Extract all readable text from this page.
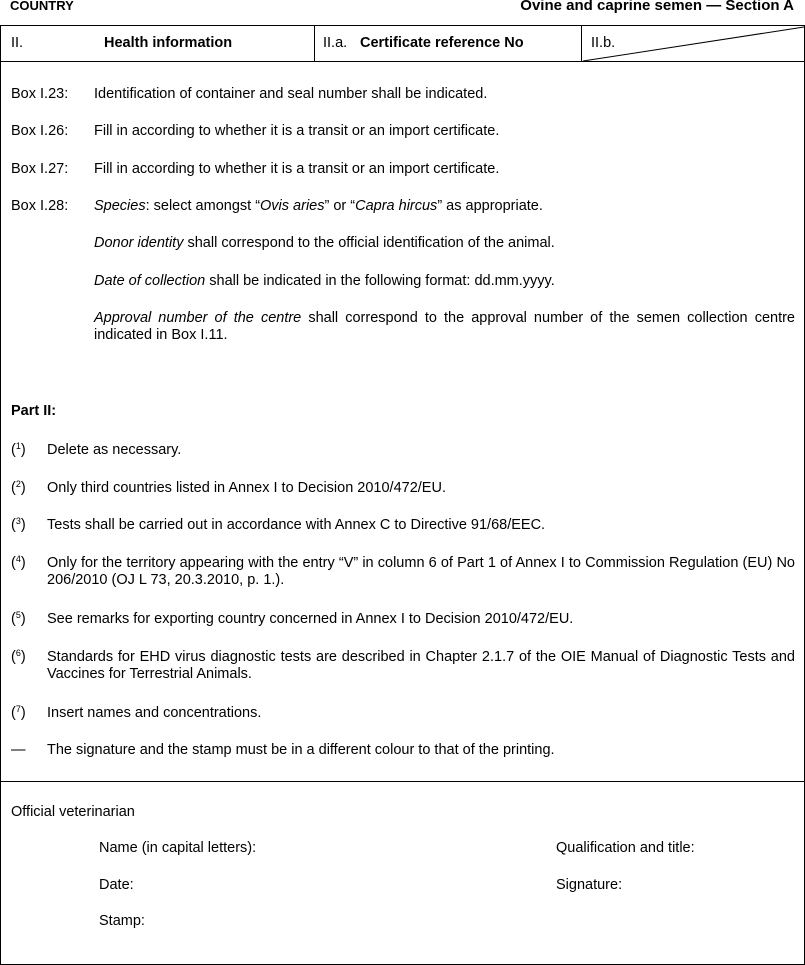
COUNTRY	Ovine and caprine semen — Section A
II.	Health information	II.a. Certificate reference No	II.b.
Box I.23: Identification of container and seal number shall be indicated.
Box I.26: Fill in according to whether it is a transit or an import certificate.
Box I.27: Fill in according to whether it is a transit or an import certificate.
Box I.28: Species: select amongst “Ovis aries” or “Capra hircus” as appropriate.
Donor identity shall correspond to the official identification of the animal.
Date of collection shall be indicated in the following format: dd.mm.yyyy.
Approval number of the centre shall correspond to the approval number of the semen collection centre indicated in Box I.11.
Part II:
($^1$) Delete as necessary.
($^2$) Only third countries listed in Annex I to Decision 2010/472/EU.
($^3$) Tests shall be carried out in accordance with Annex C to Directive 91/68/EEC.
($^4$) Only for the territory appearing with the entry “V” in column 6 of Part 1 of Annex I to Commission Regulation (EU) No 206/2010 (OJ L 73, 20.3.2010, p. 1.).
($^5$) See remarks for exporting country concerned in Annex I to Decision 2010/472/EU.
($^6$) Standards for EHD virus diagnostic tests are described in Chapter 2.1.7 of the OIE Manual of Diagnostic Tests and Vaccines for Terrestrial Animals.
($^7$) Insert names and concentrations.
— The signature and the stamp must be in a different colour to that of the printing.
Official veterinarian
Name (in capital letters):	Qualification and title:
Date:	Signature:
Stamp:
